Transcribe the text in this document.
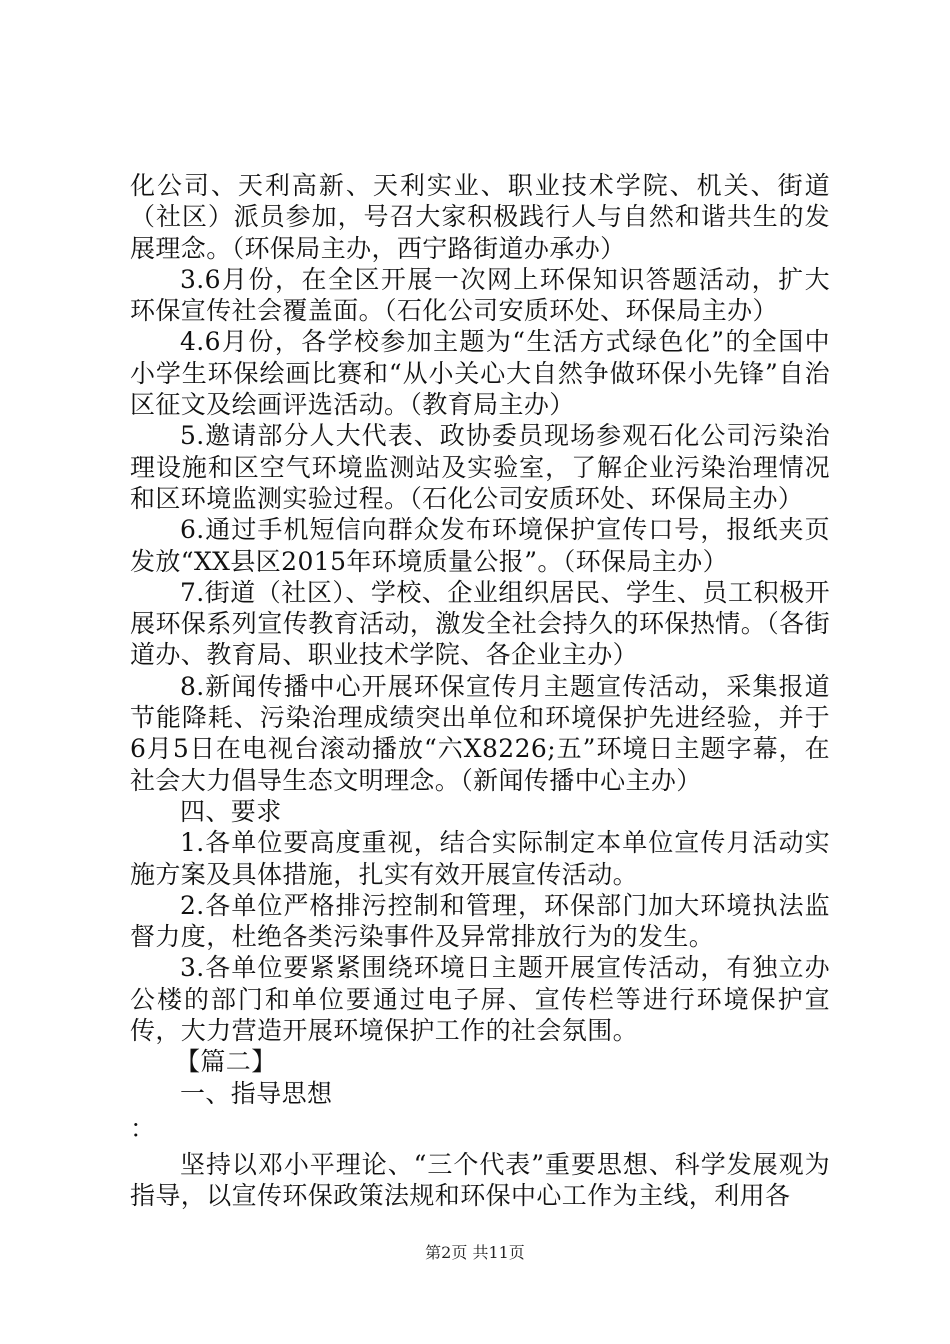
化公司、天利高新、天利实业、职业技术学院、机关、街道（社区）派员参加，号召大家积极践行人与自然和谐共生的发展理念。（环保局主办，西宁路街道办承办）

3.6月份，在全区开展一次网上环保知识答题活动，扩大环保宣传社会覆盖面。（石化公司安质环处、环保局主办）

4.6月份，各学校参加主题为“生活方式绿色化”的全国中小学生环保绘画比赛和“从小关心大自然争做环保小先锋”自治区征文及绘画评选活动。（教育局主办）

5.邀请部分人大代表、政协委员现场参观石化公司污染治理设施和区空气环境监测站及实验室，了解企业污染治理情况和区环境监测实验过程。（石化公司安质环处、环保局主办）

6.通过手机短信向群众发布环境保护宣传口号，报纸夹页发放“XX县区2015年环境质量公报”。（环保局主办）

7.街道（社区）、学校、企业组织居民、学生、员工积极开展环保系列宣传教育活动，激发全社会持久的环保热情。（各街道办、教育局、职业技术学院、各企业主办）

8.新闻传播中心开展环保宣传月主题宣传活动，采集报道节能降耗、污染治理成绩突出单位和环境保护先进经验，并于6月5日在电视台滚动播放“六X8226;五”环境日主题字幕，在社会大力倡导生态文明理念。（新闻传播中心主办）

四、要求

1.各单位要高度重视，结合实际制定本单位宣传月活动实施方案及具体措施，扎实有效开展宣传活动。

2.各单位严格排污控制和管理，环保部门加大环境执法监督力度，杜绝各类污染事件及异常排放行为的发生。

3.各单位要紧紧围绕环境日主题开展宣传活动，有独立办公楼的部门和单位要通过电子屏、宣传栏等进行环境保护宣传，大力营造开展环境保护工作的社会氛围。

【篇二】

一、指导思想

：

坚持以邓小平理论、“三个代表”重要思想、科学发展观为指导，以宣传环保政策法规和环保中心工作为主线，利用各

第2页 共11页
